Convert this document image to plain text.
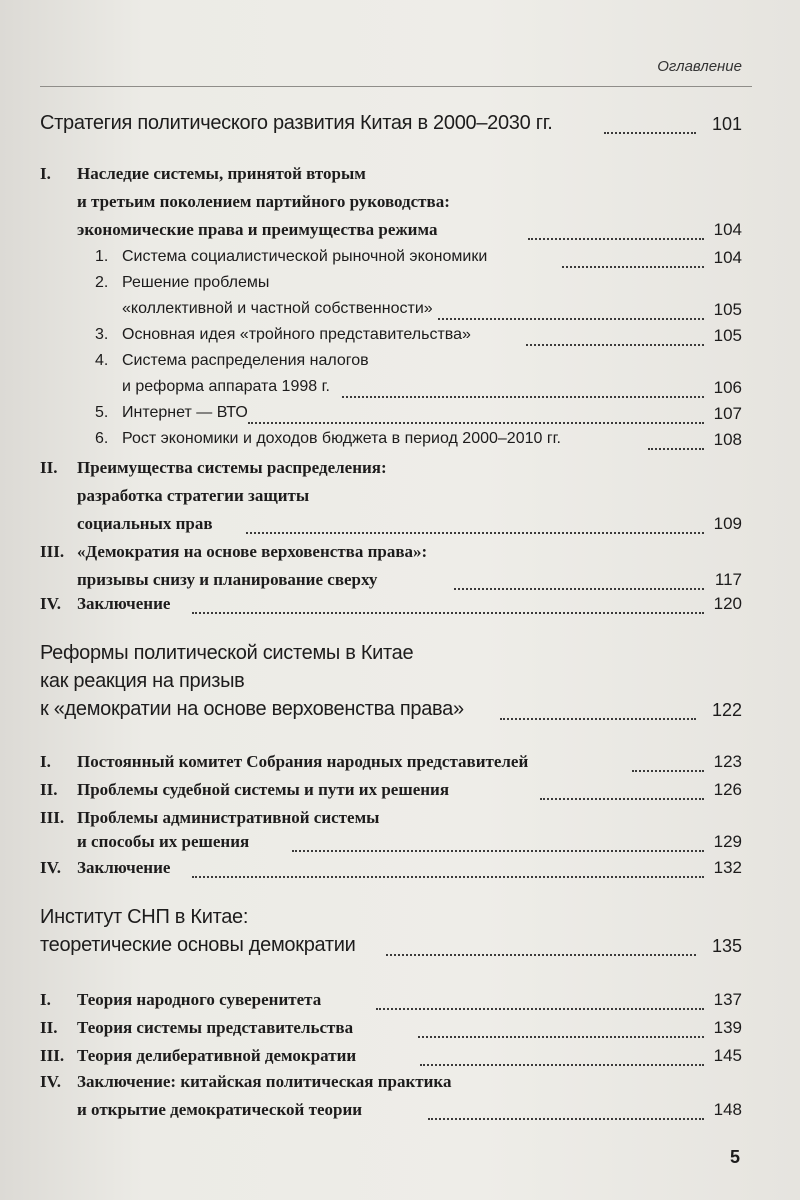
Оглавление
Стратегия политического развития Китая в 2000–2030 гг.	101
I. Наследие системы, принятой вторым
и третьим поколением партийного руководства:
экономические права и преимущества режима	104
1. Система социалистической рыночной экономики	104
2. Решение проблемы
«коллективной и частной собственности»	105
3. Основная идея «тройного представительства»	105
4. Система распределения налогов
и реформа аппарата 1998 г.	106
5. Интернет — ВТО	107
6. Рост экономики и доходов бюджета в период 2000–2010 гг.	108
II. Преимущества системы распределения:
разработка стратегии защиты
социальных прав	109
III. «Демократия на основе верховенства права»:
призывы снизу и планирование сверху	117
IV. Заключение	120
Реформы политической системы в Китае
как реакция на призыв
к «демократии на основе верховенства права»	122
I. Постоянный комитет Собрания народных представителей	123
II. Проблемы судебной системы и пути их решения	126
III. Проблемы административной системы
и способы их решения	129
IV. Заключение	132
Институт СНП в Китае:
теоретические основы демократии	135
I. Теория народного суверенитета	137
II. Теория системы представительства	139
III. Теория делиберативной демократии	145
IV. Заключение: китайская политическая практика
и открытие демократической теории	148
5
